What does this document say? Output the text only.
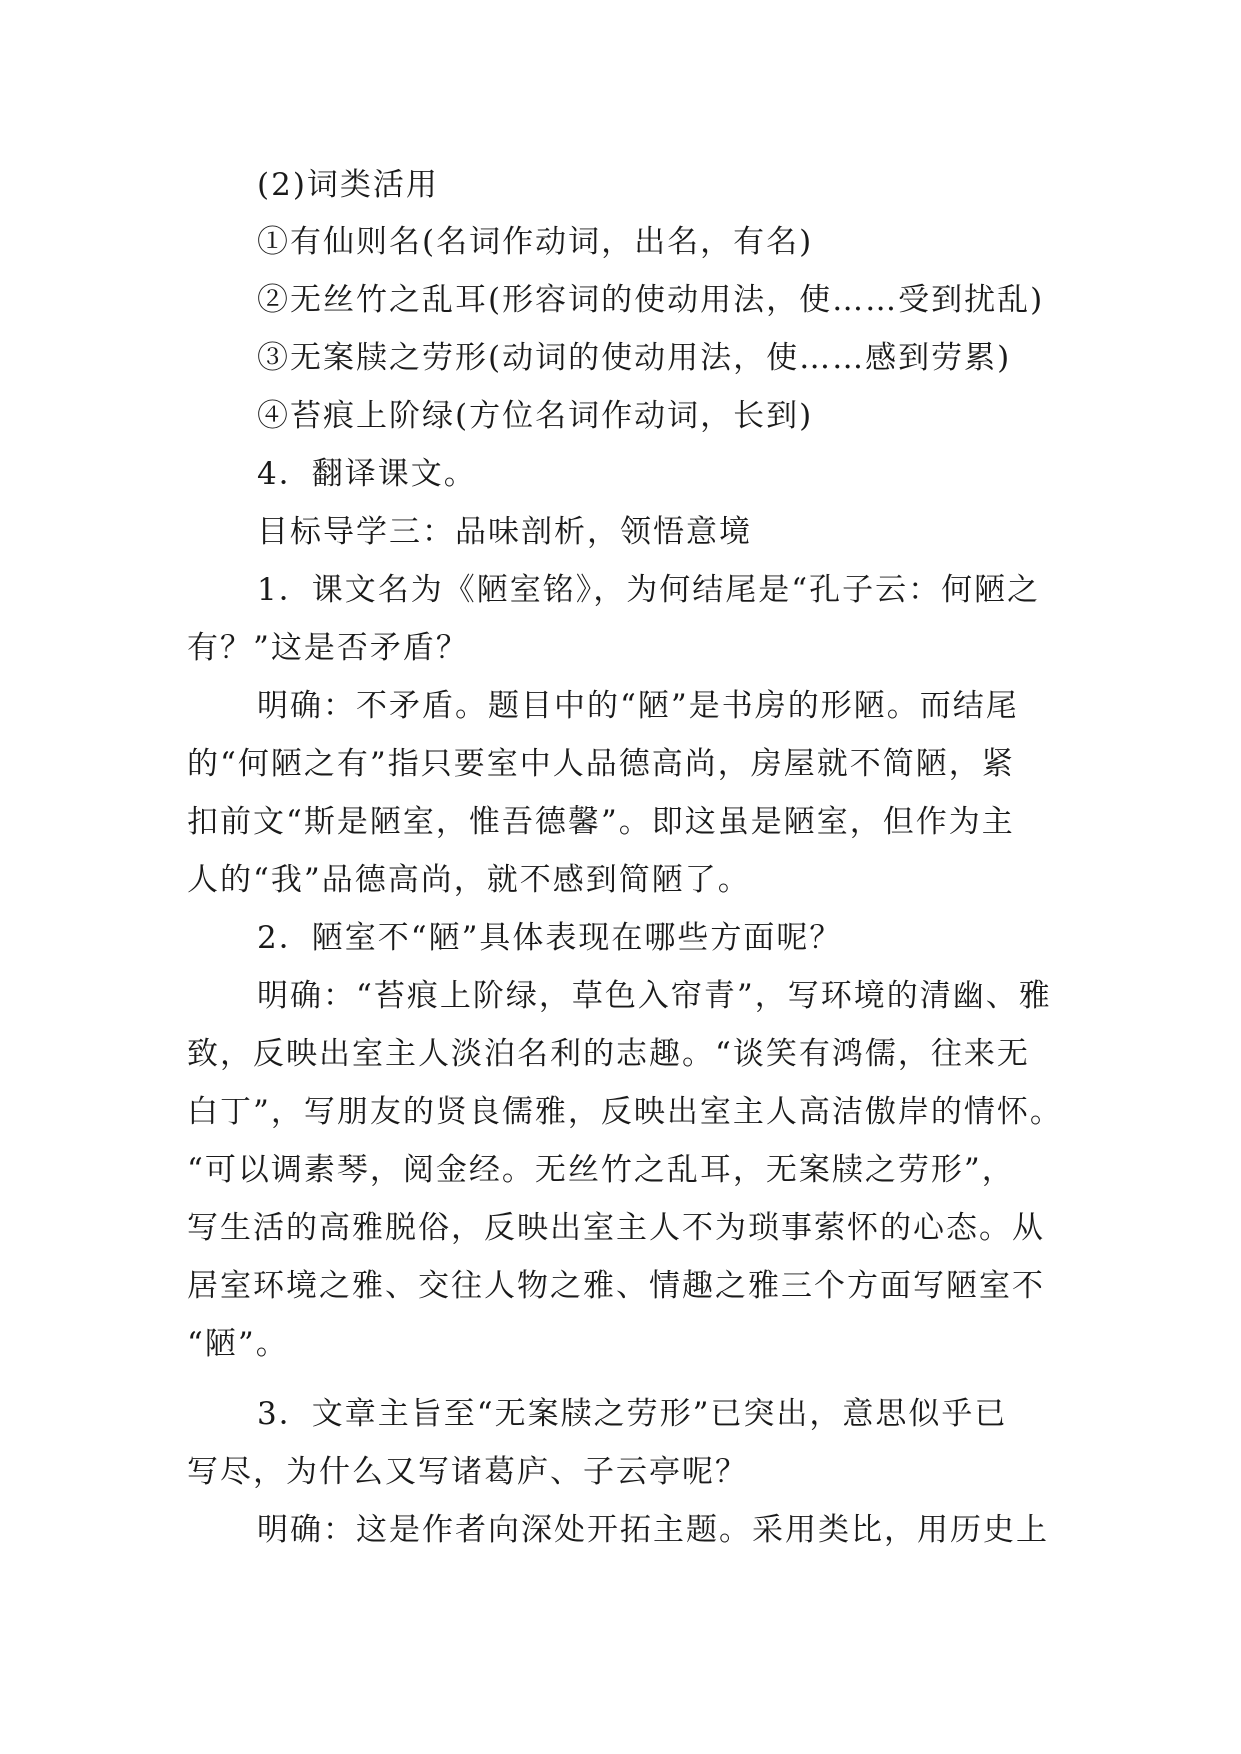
(2)词类活用
①有仙则名(名词作动词，出名，有名)
②无丝竹之乱耳(形容词的使动用法，使……受到扰乱)
③无案牍之劳形(动词的使动用法，使……感到劳累)
④苔痕上阶绿(方位名词作动词，长到)
4．翻译课文。
目标导学三：品味剖析，领悟意境
1．课文名为《陋室铭》，为何结尾是“孔子云：何陋之
有？”这是否矛盾？
明确：不矛盾。题目中的“陋”是书房的形陋。而结尾
的“何陋之有”指只要室中人品德高尚，房屋就不简陋，紧
扣前文“斯是陋室，惟吾德馨”。即这虽是陋室，但作为主
人的“我”品德高尚，就不感到简陋了。
2．陋室不“陋”具体表现在哪些方面呢？
明确：“苔痕上阶绿，草色入帘青”，写环境的清幽、雅
致，反映出室主人淡泊名利的志趣。“谈笑有鸿儒，往来无
白丁”，写朋友的贤良儒雅，反映出室主人高洁傲岸的情怀。
“可以调素琴，阅金经。无丝竹之乱耳，无案牍之劳形”，
写生活的高雅脱俗，反映出室主人不为琐事萦怀的心态。从
居室环境之雅、交往人物之雅、情趣之雅三个方面写陋室不
“陋”。
3．文章主旨至“无案牍之劳形”已突出，意思似乎已
写尽，为什么又写诸葛庐、子云亭呢？
明确：这是作者向深处开拓主题。采用类比，用历史上
